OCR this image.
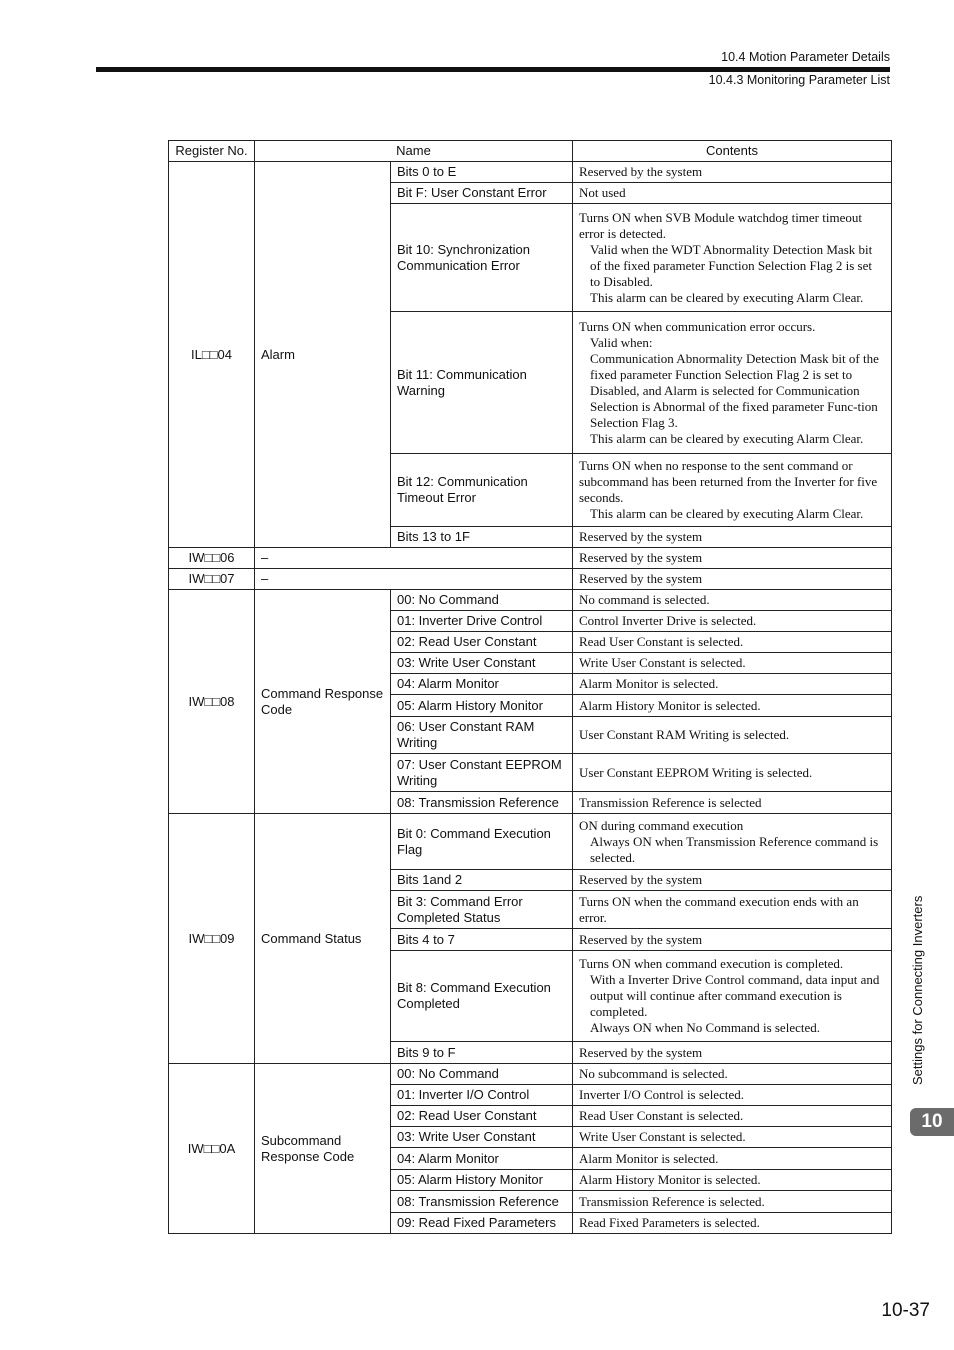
10.4 Motion Parameter Details
10.4.3 Monitoring Parameter List
Register No.	Name		Contents
IL□□04	Alarm	Bits 0 to E	Reserved by the system

		Bit F: User Constant Error	Not used

		Bit 10: Synchronization Communication Error	Turns ON when SVB Module watchdog timer timeout error is detected.
Valid when the WDT Abnormality Detection Mask bit of the fixed parameter Function Selection Flag 2 is set to Disabled.
This alarm can be cleared by executing Alarm Clear.

		Bit 11: Communication Warning	Turns ON when communication error occurs.
Valid when:
Communication Abnormality Detection Mask bit of the fixed parameter Function Selection Flag 2 is set to Disabled, and Alarm is selected for Communication Selection is Abnormal of the fixed parameter Func-tion Selection Flag 3.
This alarm can be cleared by executing Alarm Clear.

		Bit 12: Communication Timeout Error	Turns ON when no response to the sent command or subcommand has been returned from the Inverter for five seconds.
This alarm can be cleared by executing Alarm Clear.

		Bits 13 to 1F	Reserved by the system

IW□□06	–		Reserved by the system
IW□□07	–		Reserved by the system
IW□□08	Command Response Code	00: No Command	No command is selected.

		01: Inverter Drive Control	Control Inverter Drive is selected.

		02: Read User Constant	Read User Constant is selected.

		03: Write User Constant	Write User Constant is selected.

		04: Alarm Monitor	Alarm Monitor is selected.

		05: Alarm History Monitor	Alarm History Monitor is selected.

		06: User Constant RAM Writing	User Constant RAM Writing is selected.

		07: User Constant EEPROM Writing	User Constant EEPROM Writing is selected.

		08: Transmission Reference	Transmission Reference is selected

IW□□09	Command Status	Bit 0: Command Execution Flag	ON during command execution
Always ON when Transmission Reference command is selected.

		Bits 1and 2	Reserved by the system

		Bit 3: Command Error Completed Status	Turns ON when the command execution ends with an error.

		Bits 4 to 7	Reserved by the system

		Bit 8: Command Execution Completed	Turns ON when command execution is completed.
With a Inverter Drive Control command, data input and output will continue after command execution is completed.
Always ON when No Command is selected.

		Bits 9 to F	Reserved by the system

IW□□0A	Subcommand Response Code	00: No Command	No subcommand is selected.

		01: Inverter I/O Control	Inverter I/O Control is selected.

		02: Read User Constant	Read User Constant is selected.

		03: Write User Constant	Write User Constant is selected.

		04: Alarm Monitor	Alarm Monitor is selected.

		05: Alarm History Monitor	Alarm History Monitor is selected.

		08: Transmission Reference	Transmission Reference is selected.

		09: Read Fixed Parameters	Read Fixed Parameters is selected.
Settings for Connecting Inverters
10
10-37
